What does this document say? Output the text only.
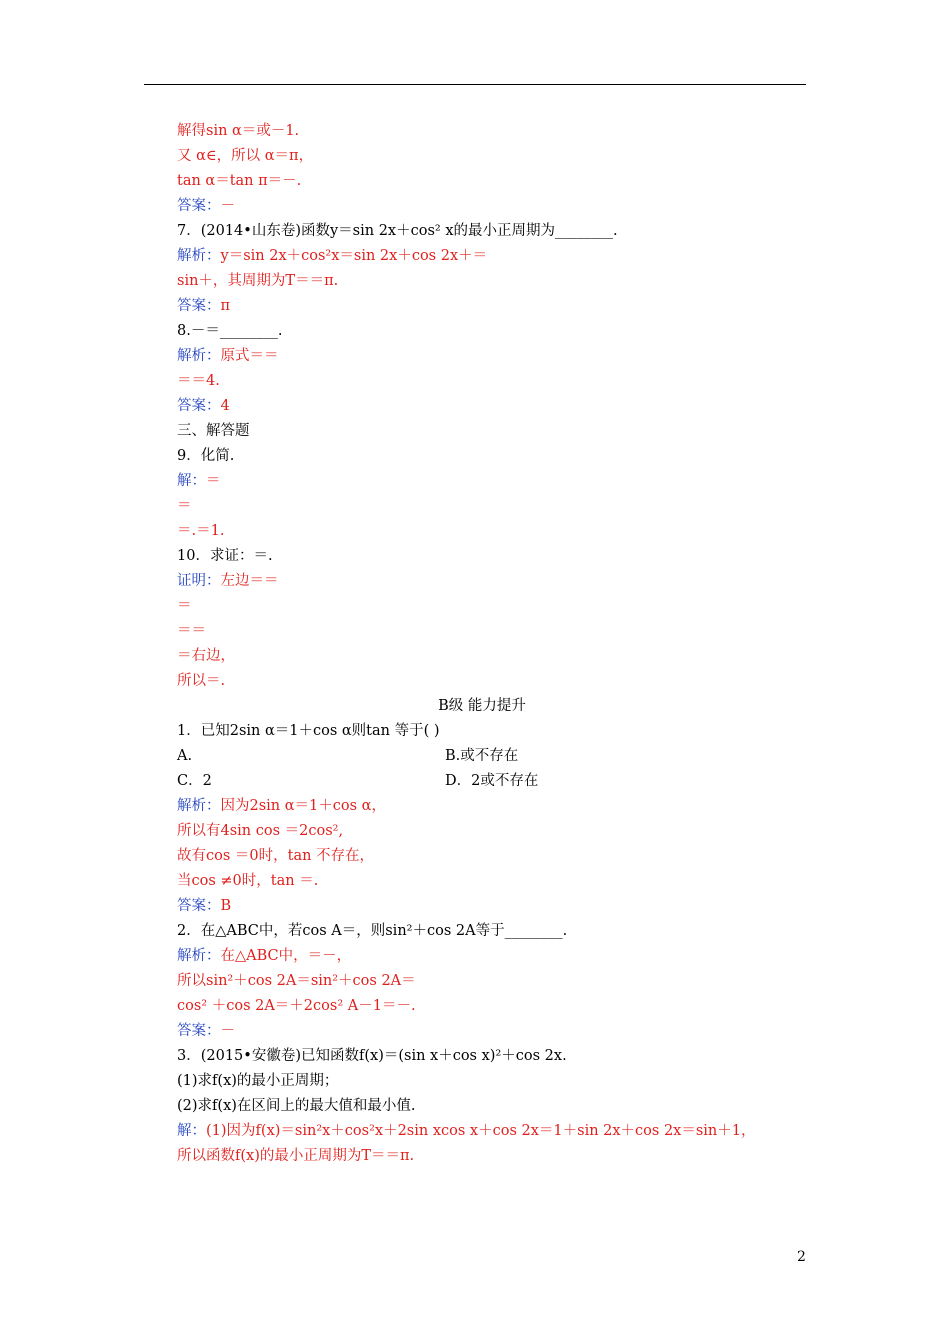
解得sin α＝或－1.
又 α∈，所以 α＝π，
tan α＝tan π＝－.
答案：－
7．(2014•山东卷)函数y＝sin 2x＋cos² x的最小正周期为________.
解析：y＝sin 2x＋cos²x＝sin 2x＋cos 2x＋＝
sin＋，其周期为T＝＝π.
答案：π
8.－＝________.
解析：原式＝＝
＝＝4.
答案：4
三、解答题
9．化简.
解：＝
＝
＝.＝1.
10．求证：＝.
证明：左边＝＝
＝
＝＝
＝右边，
所以＝.
B级 能力提升
1．已知2sin α＝1＋cos α则tan 等于( )
A.	B.或不存在
C．2	D．2或不存在
解析：因为2sin α＝1＋cos α，
所以有4sin cos ＝2cos²,
故有cos ＝0时，tan 不存在，
当cos ≠0时，tan ＝.
答案：B
2．在△ABC中，若cos A＝，则sin²＋cos 2A等于________.
解析：在△ABC中，＝－，
所以sin²＋cos 2A＝sin²＋cos 2A＝
cos² ＋cos 2A＝＋2cos² A－1＝－.
答案：－
3．(2015•安徽卷)已知函数f(x)＝(sin x＋cos x)²＋cos 2x.
(1)求f(x)的最小正周期；
(2)求f(x)在区间上的最大值和最小值.
解：(1)因为f(x)＝sin²x＋cos²x＋2sin xcos x＋cos 2x＝1＋sin 2x＋cos 2x＝sin＋1，
所以函数f(x)的最小正周期为T＝＝π.
2
